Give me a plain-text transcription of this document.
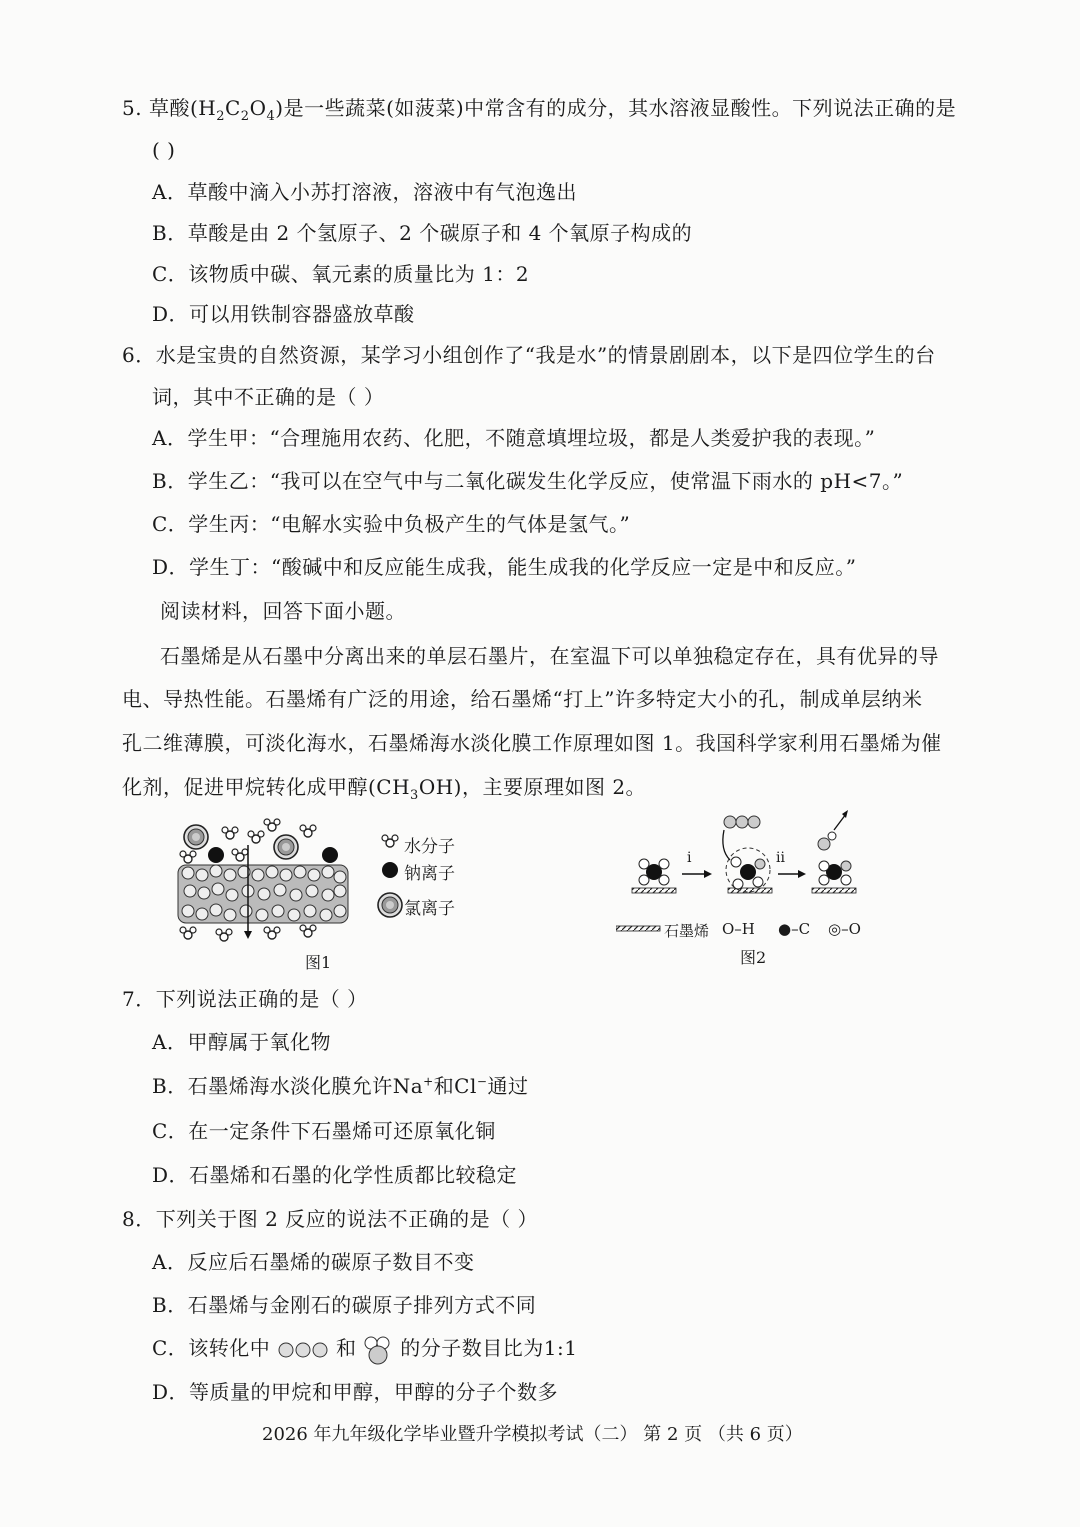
5. 草酸$(H_2C_2O_4)$是一些蔬菜(如菠菜)中常含有的成分，其水溶液显酸性。下列说法正确的是
( )
A．草酸中滴入小苏打溶液，溶液中有气泡逸出
B．草酸是由 2 个氢原子、2 个碳原子和 4 个氧原子构成的
C．该物质中碳、氧元素的质量比为 1：2
D．可以用铁制容器盛放草酸
6．水是宝贵的自然资源，某学习小组创作了“我是水”的情景剧剧本，以下是四位学生的台
词，其中不正确的是（ ）
A．学生甲：“合理施用农药、化肥，不随意填埋垃圾，都是人类爱护我的表现。”
B．学生乙：“我可以在空气中与二氧化碳发生化学反应，使常温下雨水的 pH<7。”
C．学生丙：“电解水实验中负极产生的气体是氢气。”
D．学生丁：“酸碱中和反应能生成我，能生成我的化学反应一定是中和反应。”
阅读材料，回答下面小题。
石墨烯是从石墨中分离出来的单层石墨片，在室温下可以单独稳定存在，具有优异的导
电、导热性能。石墨烯有广泛的用途，给石墨烯“打上”许多特定大小的孔，制成单层纳米
孔二维薄膜，可淡化海水，石墨烯海水淡化膜工作原理如图 1。我国科学家利用石墨烯为催
化剂，促进甲烷转化成甲醇$(CH_3OH)$，主要原理如图 2。
水分子
钠离子
氯离子
图1
i	ii
石墨烯 O–H ●–C ◎–O
图2
7．下列说法正确的是（ ）
A．甲醇属于氧化物
B．石墨烯海水淡化膜允许Na+和Cl−通过
C．在一定条件下石墨烯可还原氧化铜
D．石墨烯和石墨的化学性质都比较稳定
8．下列关于图 2 反应的说法不正确的是（ ）
A．反应后石墨烯的碳原子数目不变
B．石墨烯与金刚石的碳原子排列方式不同
C．该转化中	和 的分子数目比为1:1
D．等质量的甲烷和甲醇，甲醇的分子个数多
2026 年九年级化学毕业暨升学模拟考试（二） 第 2 页 （共 6 页）
